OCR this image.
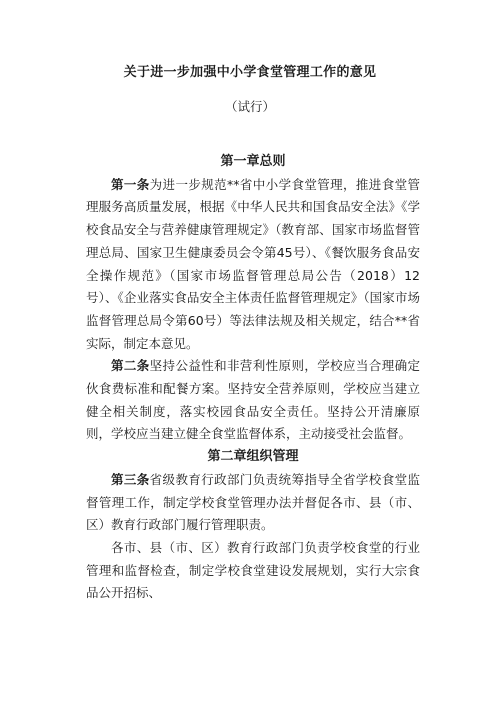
关于进一步加强中小学食堂管理工作的意见
（试行）

第一章总则

第一条为进一步规范**省中小学食堂管理，推进食堂管理服务高质量发展，根据《中华人民共和国食品安全法》《学校食品安全与营养健康管理规定》（教育部、国家市场监督管理总局、国家卫生健康委员会令第45号）、《餐饮服务食品安全操作规范》（国家市场监督管理总局公告（2018）12号）、《企业落实食品安全主体责任监督管理规定》（国家市场监督管理总局令第60号）等法律法规及相关规定，结合**省实际，制定本意见。

第二条坚持公益性和非营利性原则，学校应当合理确定伙食费标准和配餐方案。坚持安全营养原则，学校应当建立健全相关制度，落实校园食品安全责任。坚持公开清廉原则，学校应当建立健全食堂监督体系，主动接受社会监督。

第二章组织管理

第三条省级教育行政部门负责统筹指导全省学校食堂监督管理工作，制定学校食堂管理办法并督促各市、县（市、区）教育行政部门履行管理职责。

各市、县（市、区）教育行政部门负责学校食堂的行业管理和监督检查，制定学校食堂建设发展规划，实行大宗食品公开招标、
